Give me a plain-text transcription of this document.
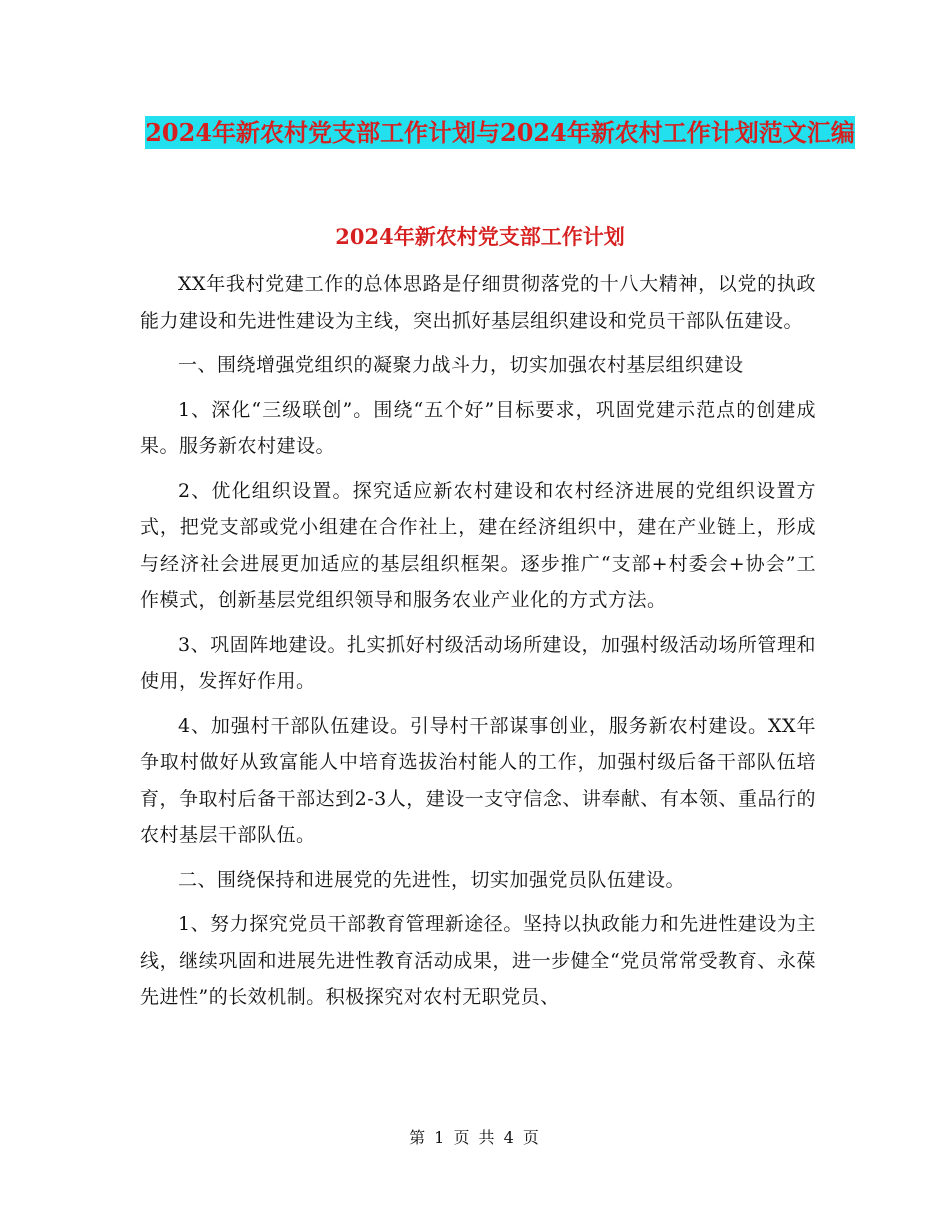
2024年新农村党支部工作计划与2024年新农村工作计划范文汇编
2024年新农村党支部工作计划

XX年我村党建工作的总体思路是仔细贯彻落党的十八大精神，以党的执政能力建设和先进性建设为主线，突出抓好基层组织建设和党员干部队伍建设。

一、围绕增强党组织的凝聚力战斗力，切实加强农村基层组织建设

1、深化“三级联创”。围绕“五个好”目标要求，巩固党建示范点的创建成果。服务新农村建设。

2、优化组织设置。探究适应新农村建设和农村经济进展的党组织设置方式，把党支部或党小组建在合作社上，建在经济组织中，建在产业链上，形成与经济社会进展更加适应的基层组织框架。逐步推广“支部+村委会+协会”工作模式，创新基层党组织领导和服务农业产业化的方式方法。

3、巩固阵地建设。扎实抓好村级活动场所建设，加强村级活动场所管理和使用，发挥好作用。

4、加强村干部队伍建设。引导村干部谋事创业，服务新农村建设。XX年争取村做好从致富能人中培育选拔治村能人的工作，加强村级后备干部队伍培育，争取村后备干部达到2-3人，建设一支守信念、讲奉献、有本领、重品行的农村基层干部队伍。

二、围绕保持和进展党的先进性，切实加强党员队伍建设。

1、努力探究党员干部教育管理新途径。坚持以执政能力和先进性建设为主线，继续巩固和进展先进性教育活动成果，进一步健全“党员常常受教育、永葆先进性”的长效机制。积极探究对农村无职党员、

第 1 页 共 4 页
